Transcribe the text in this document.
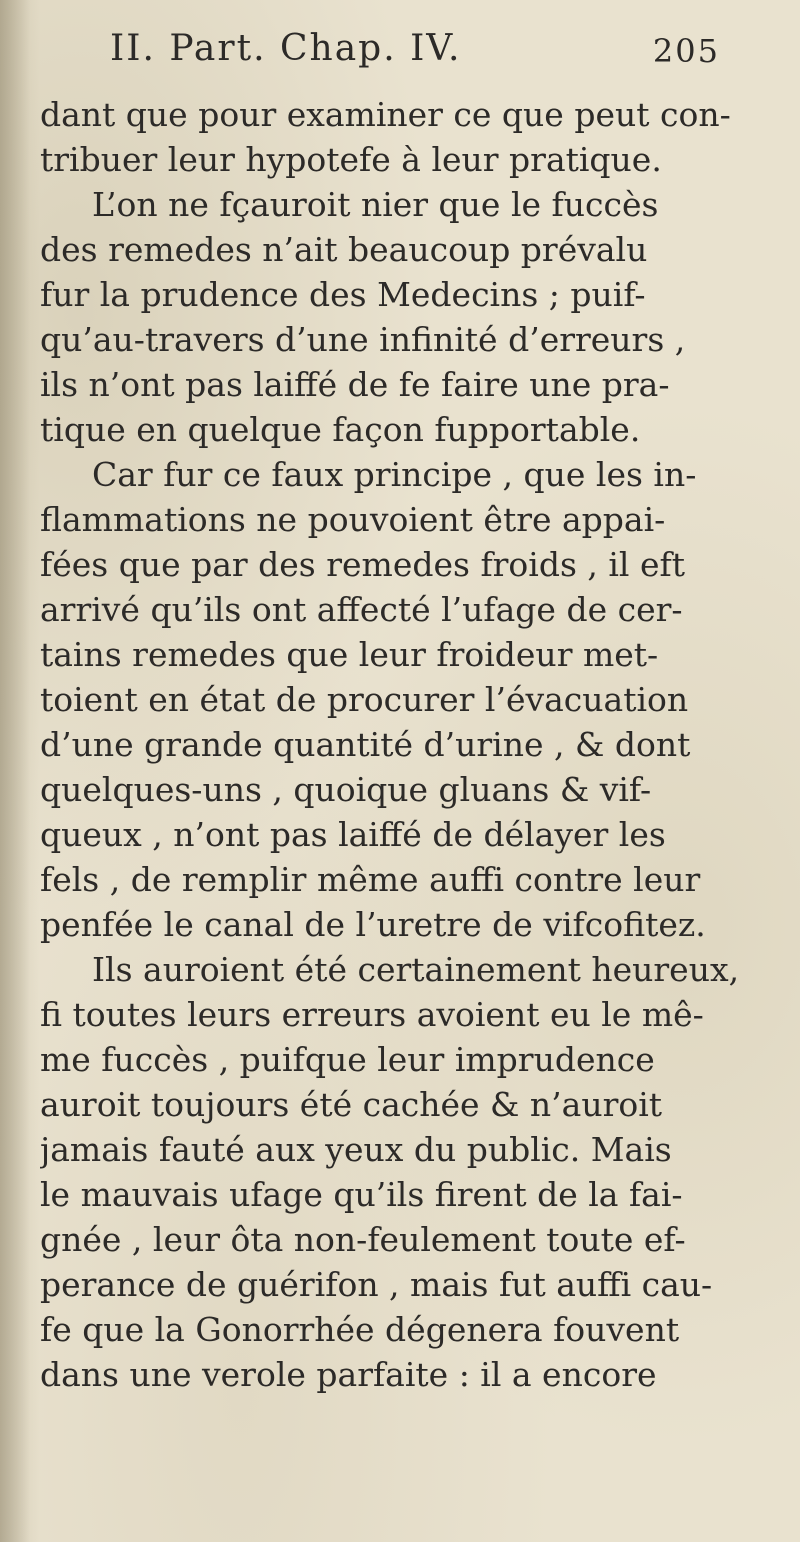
II. Part. Chap. IV.	205
dant que pour examiner ce que peut con-
tribuer leur hypotefe à leur pratique.
L’on ne fçauroit nier que le fuccès
des remedes n’ait beaucoup prévalu
fur la prudence des Medecins ; puif-
qu’au-travers d’une infinité d’erreurs ,
ils n’ont pas laiffé de fe faire une pra-
tique en quelque façon fupportable.
Car fur ce faux principe , que les in-
flammations ne pouvoient être appai-
fées que par des remedes froids , il eft
arrivé qu’ils ont affecté l’ufage de cer-
tains remedes que leur froideur met-
toient en état de procurer l’évacuation
d’une grande quantité d’urine , & dont
quelques-uns , quoique gluans & vif-
queux , n’ont pas laiffé de délayer les
fels , de remplir même auffi contre leur
penfée le canal de l’uretre de vifcofitez.
Ils auroient été certainement heureux,
fi toutes leurs erreurs avoient eu le mê-
me fuccès , puifque leur imprudence
auroit toujours été cachée & n’auroit
jamais fauté aux yeux du public. Mais
le mauvais ufage qu’ils firent de la fai-
gnée , leur ôta non-feulement toute ef-
perance de guérifon , mais fut auffi cau-
fe que la Gonorrhée dégenera fouvent
dans une verole parfaite : il a encore
